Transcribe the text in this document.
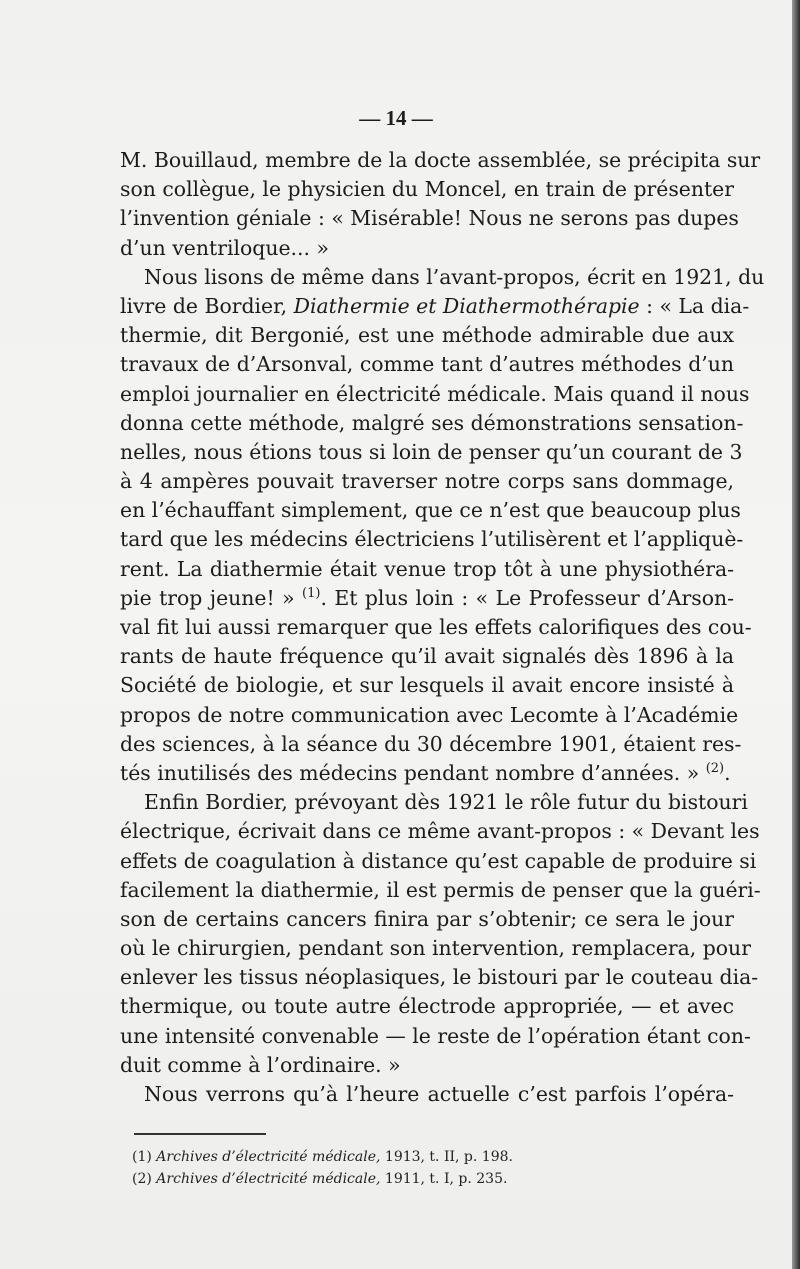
— 14 —
M. Bouillaud, membre de la docte assemblée, se précipita sur
son collègue, le physicien du Moncel, en train de présenter
l’invention géniale : « Misérable! Nous ne serons pas dupes
d’un ventriloque... »
Nous lisons de même dans l’avant-propos, écrit en 1921, du
livre de Bordier, Diathermie et Diathermothérapie : « La dia-
thermie, dit Bergonié, est une méthode admirable due aux
travaux de d’Arsonval, comme tant d’autres méthodes d’un
emploi journalier en électricité médicale. Mais quand il nous
donna cette méthode, malgré ses démonstrations sensation-
nelles, nous étions tous si loin de penser qu’un courant de 3
à 4 ampères pouvait traverser notre corps sans dommage,
en l’échauffant simplement, que ce n’est que beaucoup plus
tard que les médecins électriciens l’utilisèrent et l’appliquè-
rent. La diathermie était venue trop tôt à une physiothéra-
pie trop jeune! » $^{(1)}$. Et plus loin : « Le Professeur d’Arson-
val fit lui aussi remarquer que les effets calorifiques des cou-
rants de haute fréquence qu’il avait signalés dès 1896 à la
Société de biologie, et sur lesquels il avait encore insisté à
propos de notre communication avec Lecomte à l’Académie
des sciences, à la séance du 30 décembre 1901, étaient res-
tés inutilisés des médecins pendant nombre d’années. » $^{(2)}$.
Enfin Bordier, prévoyant dès 1921 le rôle futur du bistouri
électrique, écrivait dans ce même avant-propos : « Devant les
effets de coagulation à distance qu’est capable de produire si
facilement la diathermie, il est permis de penser que la guéri-
son de certains cancers finira par s’obtenir; ce sera le jour
où le chirurgien, pendant son intervention, remplacera, pour
enlever les tissus néoplasiques, le bistouri par le couteau dia-
thermique, ou toute autre électrode appropriée, — et avec
une intensité convenable — le reste de l’opération étant con-
duit comme à l’ordinaire. »
Nous verrons qu’à l’heure actuelle c’est parfois l’opéra-
(1) Archives d’électricité médicale, 1913, t. II, p. 198.
(2) Archives d’électricité médicale, 1911, t. I, p. 235.
